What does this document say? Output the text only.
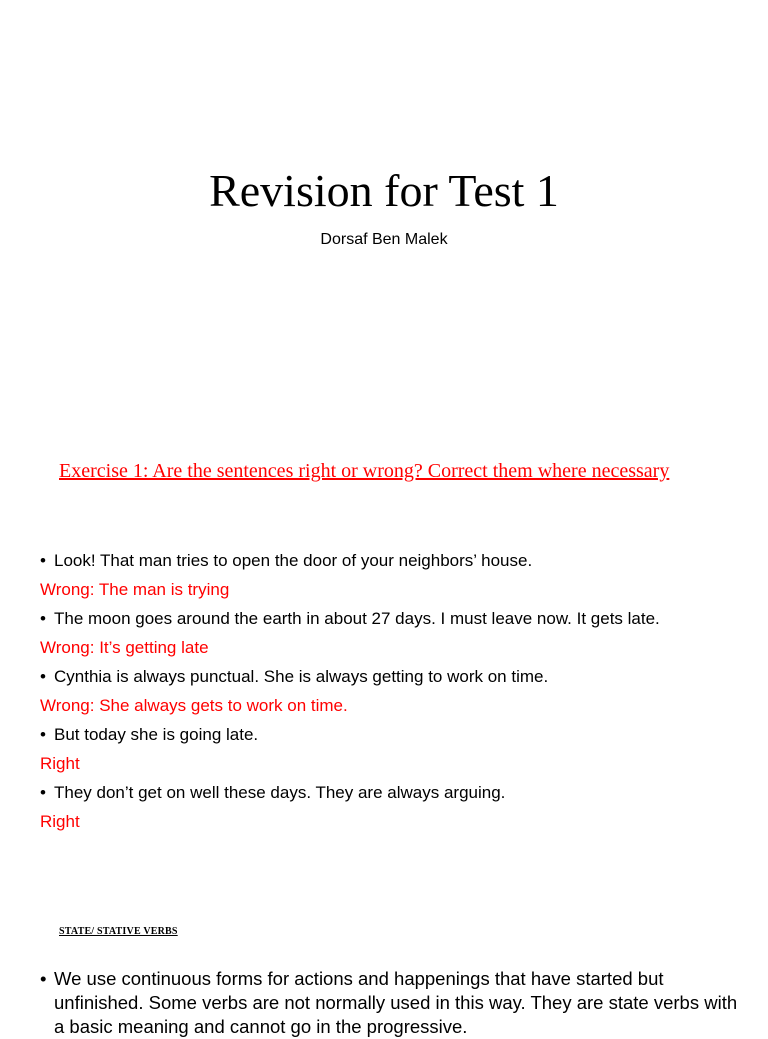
Revision for Test 1
Dorsaf Ben Malek
Exercise 1: Are the sentences right or wrong? Correct them where necessary
• Look! That man tries to open the door of your neighbors’ house.
Wrong: The man is trying
• The moon goes around the earth in about 27 days. I must leave now. It gets late.
Wrong: It’s getting late
• Cynthia is always punctual. She is always getting to work on time.
Wrong: She always gets to work on time.
• But today she is going late.
Right
• They don’t get on well these days. They are always arguing.
Right
STATE/ STATIVE VERBS
• We use continuous forms for actions and happenings that have started but unfinished. Some verbs are not normally used in this way. They are state verbs with a basic meaning and cannot go in the progressive.
